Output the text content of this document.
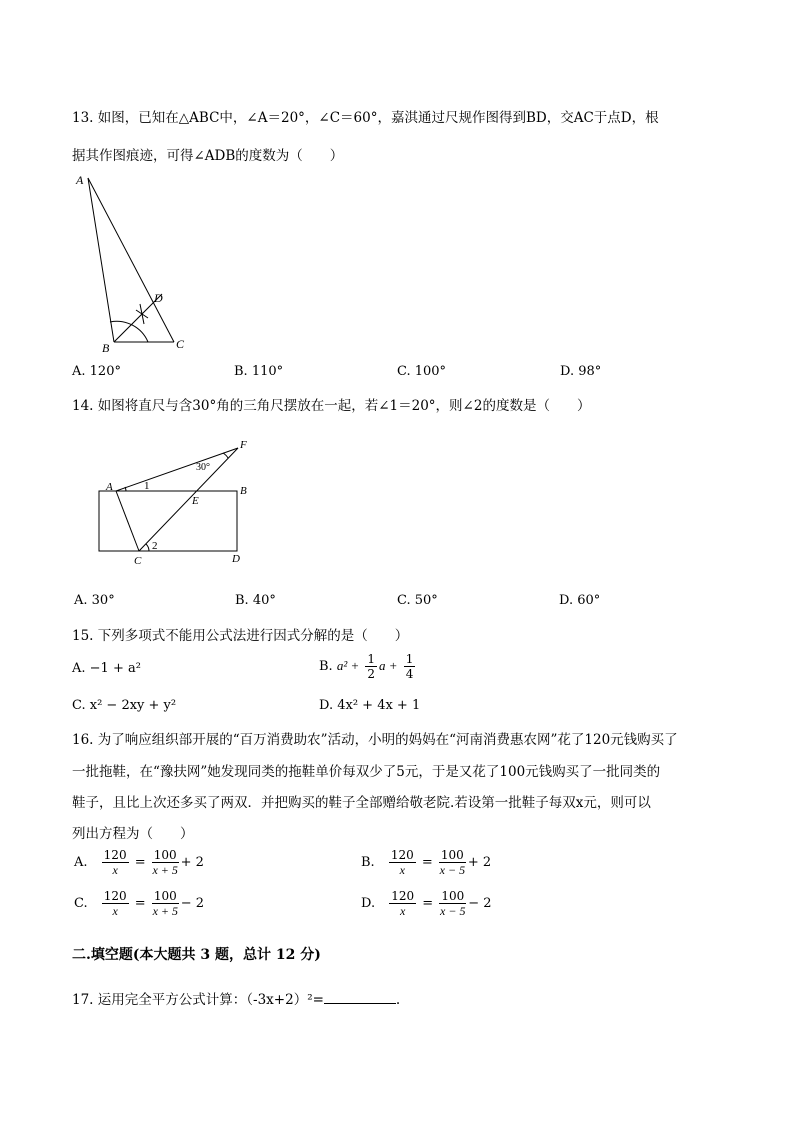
13. 如图，已知在△ABC中，∠A＝20°，∠C＝60°，嘉淇通过尺规作图得到BD，交AC于点D，根
据其作图痕迹，可得∠ADB的度数为（　　）
A
B	C
D
A. 120°	B. 110°	C. 100°	D. 98°
14. 如图将直尺与含30°角的三角尺摆放在一起，若∠1＝20°，则∠2的度数是（　　）
A	B
C	D
E
F
1
2
30°
A. 30°	B. 40°	C. 50°	D. 60°
15. 下列多项式不能用公式法进行因式分解的是（　　）
A. −1 + a²	B. $a^2 + \frac{1}{2}$ $a + \frac{1}{4}$
C. x² − 2xy + y²	D. 4x² + 4x + 1
16. 为了响应组织部开展的“百万消费助农”活动，小明的妈妈在“河南消费惠农网”花了120元钱购买了
一批拖鞋，在“豫扶网”她发现同类的拖鞋单价每双少了5元，于是又花了100元钱购买了一批同类的
鞋子，且比上次还多买了两双．并把购买的鞋子全部赠给敬老院.若设第一批鞋子每双x元，则可以
列出方程为（　　）
A. $\frac{120}{x} = \frac{100}{x + 5} + 2$	B. $\frac{120}{x} = \frac{100}{x - 5} + 2$
C. $\frac{120}{x} = \frac{100}{x + 5} - 2$	D. $\frac{120}{x} = \frac{100}{x - 5} - 2$
二.填空题(本大题共 3 题，总计 12 分)
17. 运用完全平方公式计算：（-3x+2）²=	.
